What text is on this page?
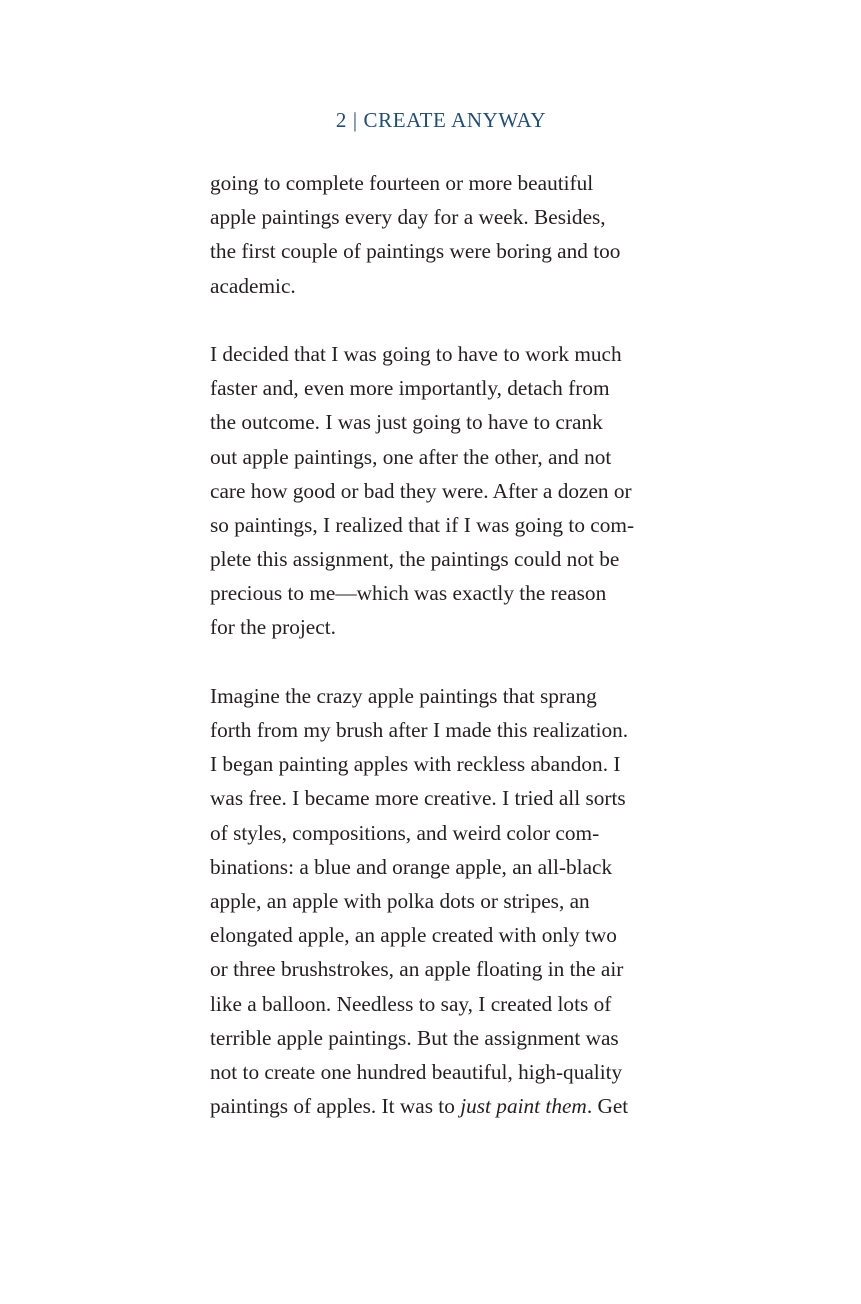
2 | CREATE ANYWAY

going to complete fourteen or more beautiful
apple paintings every day for a week. Besides,
the first couple of paintings were boring and too
academic.

I decided that I was going to have to work much
faster and, even more importantly, detach from
the outcome. I was just going to have to crank
out apple paintings, one after the other, and not
care how good or bad they were. After a dozen or
so paintings, I realized that if I was going to com-
plete this assignment, the paintings could not be
precious to me—which was exactly the reason
for the project.

Imagine the crazy apple paintings that sprang
forth from my brush after I made this realization.
I began painting apples with reckless abandon. I
was free. I became more creative. I tried all sorts
of styles, compositions, and weird color com-
binations: a blue and orange apple, an all-black
apple, an apple with polka dots or stripes, an
elongated apple, an apple created with only two
or three brushstrokes, an apple floating in the air
like a balloon. Needless to say, I created lots of
terrible apple paintings. But the assignment was
not to create one hundred beautiful, high-quality
paintings of apples. It was to just paint them. Get
